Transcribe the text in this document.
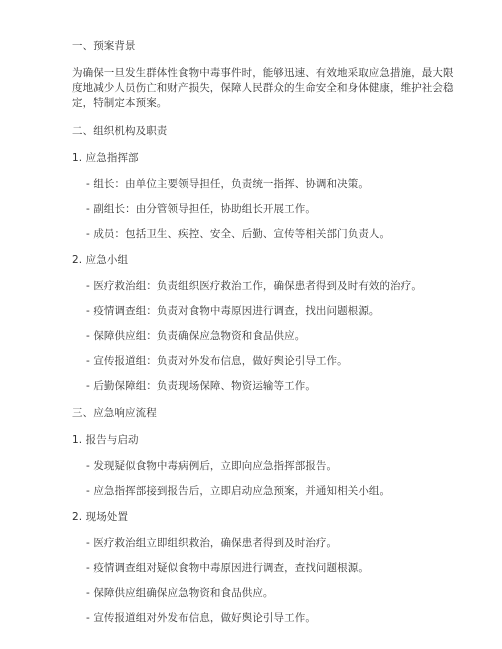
一、预案背景
为确保一旦发生群体性食物中毒事件时，能够迅速、有效地采取应急措施，最大限
度地减少人员伤亡和财产损失，保障人民群众的生命安全和身体健康，维护社会稳
定，特制定本预案。
二、组织机构及职责
1. 应急指挥部
- 组长：由单位主要领导担任，负责统一指挥、协调和决策。
- 副组长：由分管领导担任，协助组长开展工作。
- 成员：包括卫生、疾控、安全、后勤、宣传等相关部门负责人。
2. 应急小组
- 医疗救治组：负责组织医疗救治工作，确保患者得到及时有效的治疗。
- 疫情调查组：负责对食物中毒原因进行调查，找出问题根源。
- 保障供应组：负责确保应急物资和食品供应。
- 宣传报道组：负责对外发布信息，做好舆论引导工作。
- 后勤保障组：负责现场保障、物资运输等工作。
三、应急响应流程
1. 报告与启动
- 发现疑似食物中毒病例后，立即向应急指挥部报告。
- 应急指挥部接到报告后，立即启动应急预案，并通知相关小组。
2. 现场处置
- 医疗救治组立即组织救治，确保患者得到及时治疗。
- 疫情调查组对疑似食物中毒原因进行调查，查找问题根源。
- 保障供应组确保应急物资和食品供应。
- 宣传报道组对外发布信息，做好舆论引导工作。
